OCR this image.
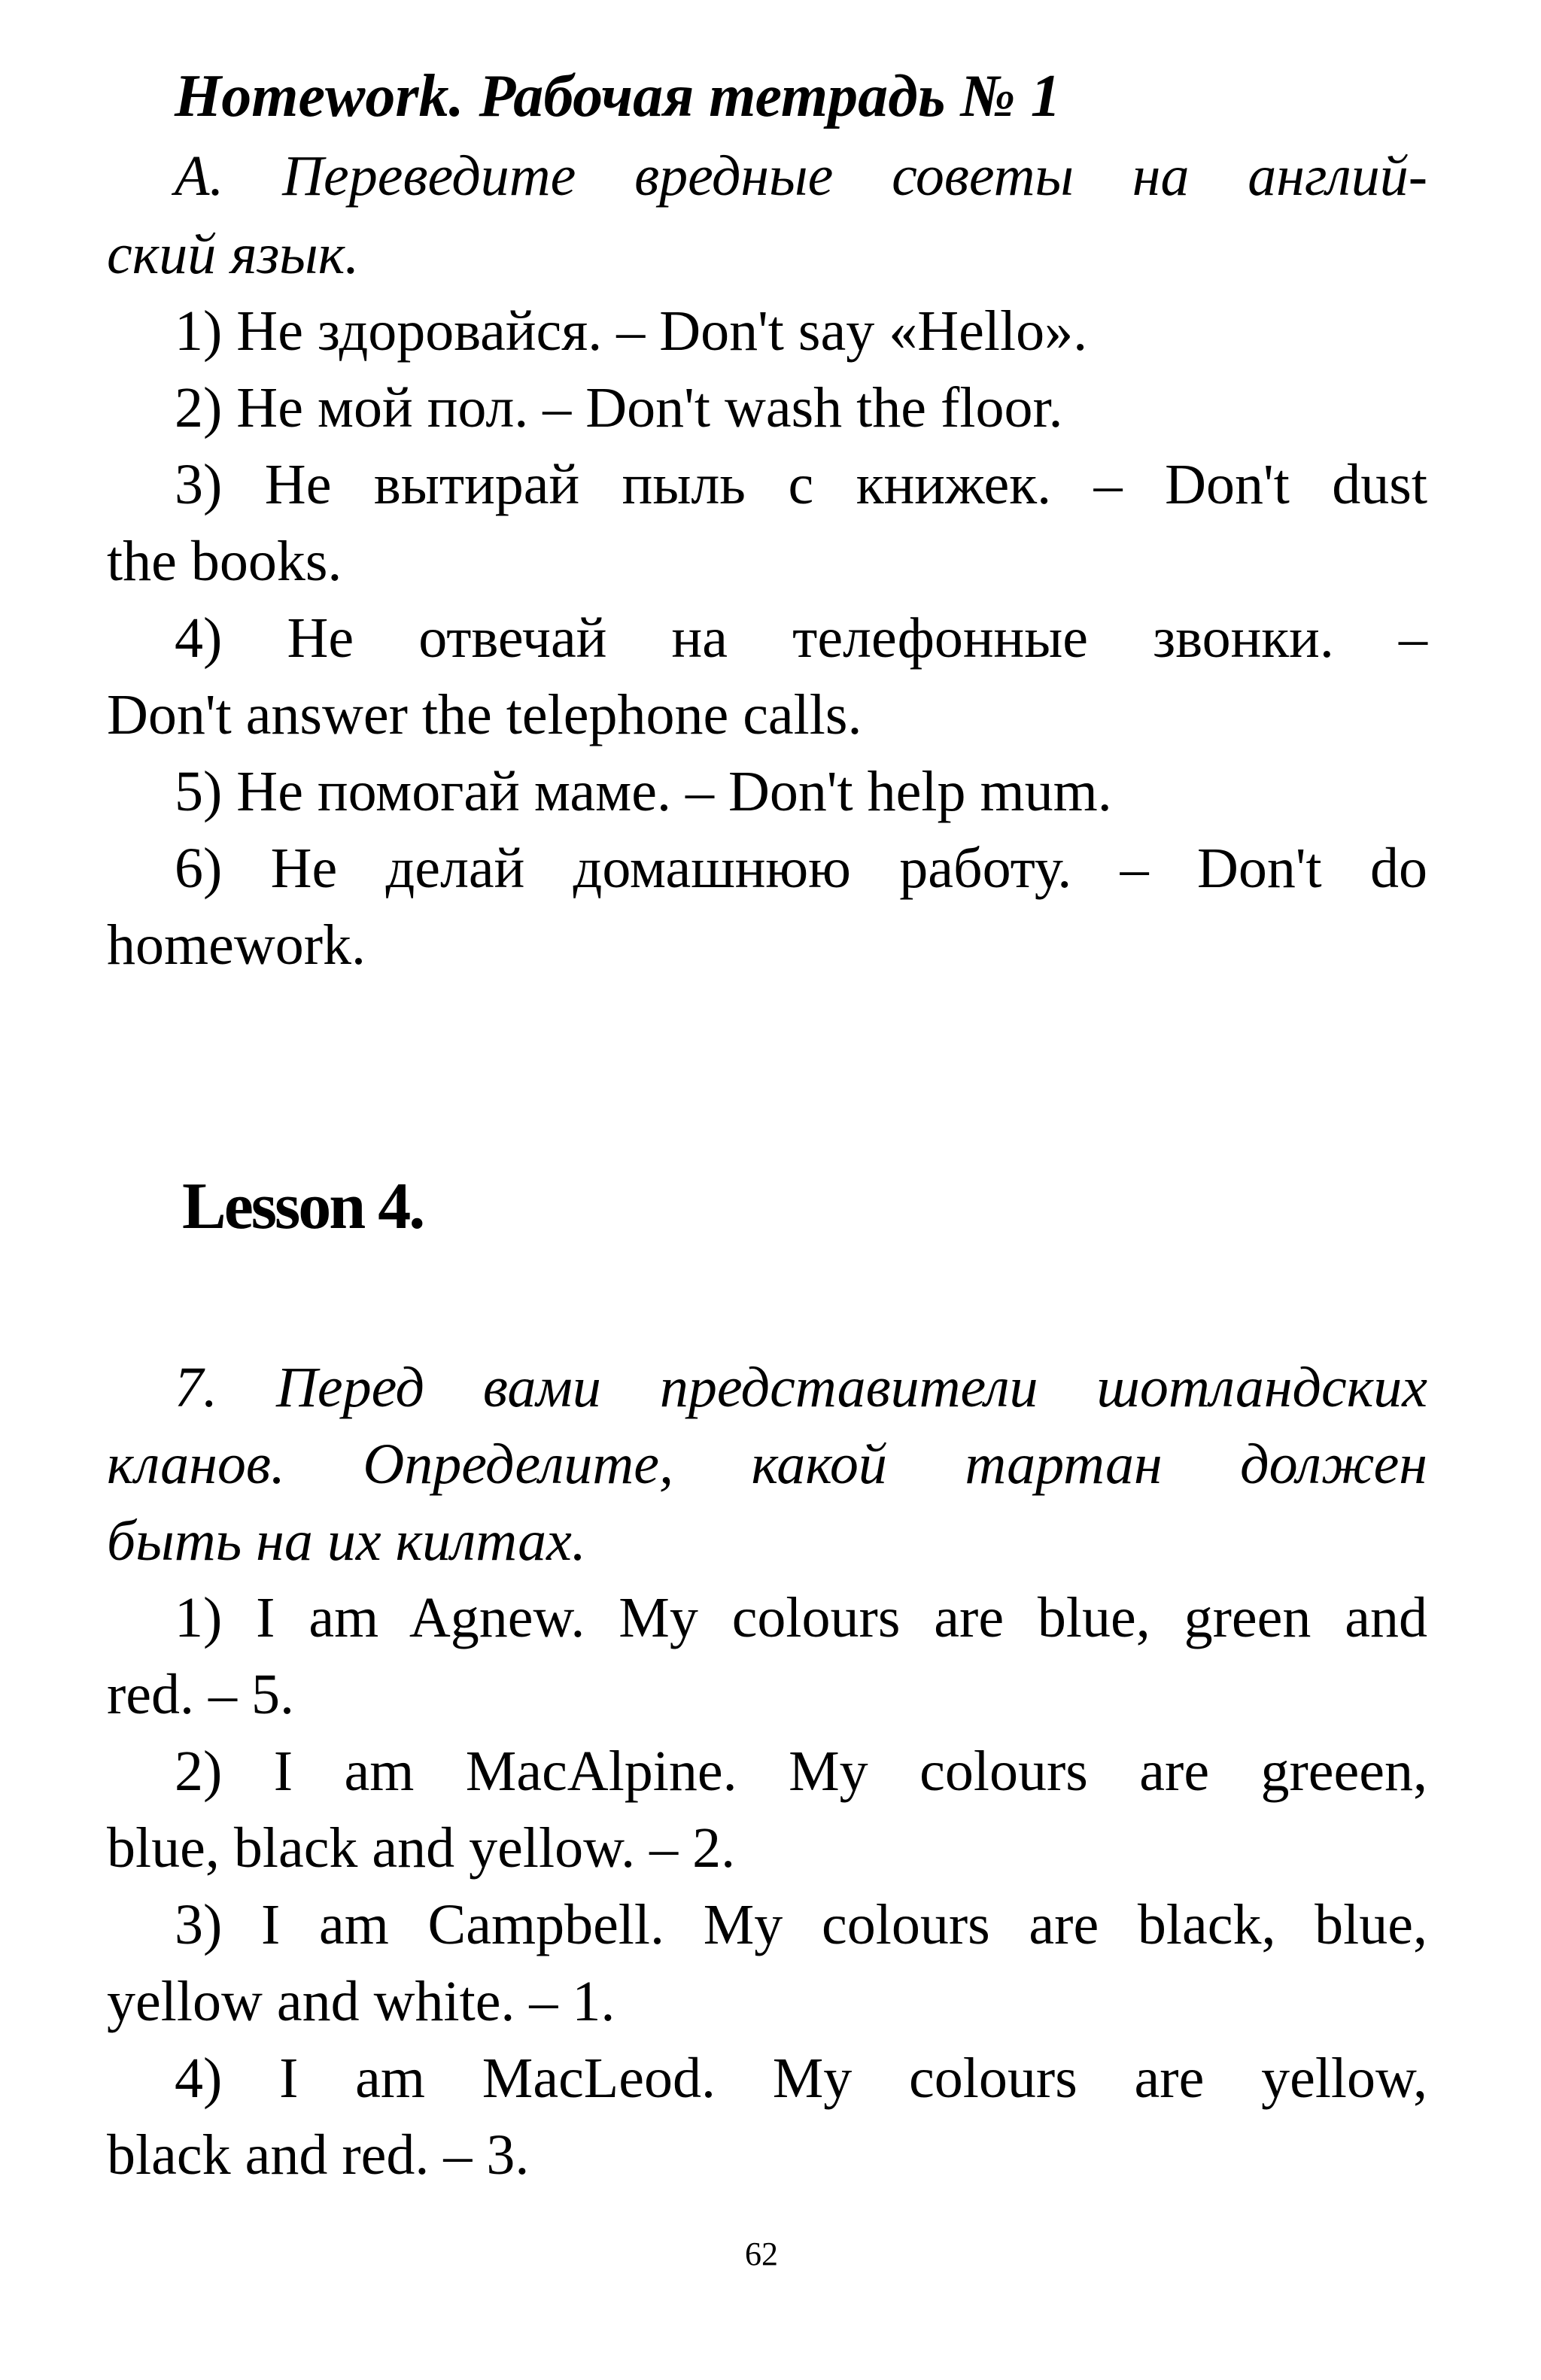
Homework. Рабочая тетрадь № 1
А. Переведите вредные советы на англий-
ский язык.
1) Не здоровайся. – Don't say «Hello».
2) Не мой пол. – Don't wash the floor.
3) Не вытирай пыль с книжек. – Don't dust
the books.
4) Не отвечай на телефонные звонки. –
Don't answer the telephone calls.
5) Не помогай маме. – Don't help mum.
6) Не делай домашнюю работу. – Don't do
homework.
Lesson 4.
7. Перед вами представители шотландских
кланов. Определите, какой тартан должен
быть на их килтах.
1) I am Agnew. My colours are blue, green and
red. – 5.
2) I am MacAlpine. My colours are greeen,
blue, black and yellow. – 2.
3) I am Campbell. My colours are black, blue,
yellow and white. – 1.
4) I am MacLeod. My colours are yellow,
black and red. – 3.
62
